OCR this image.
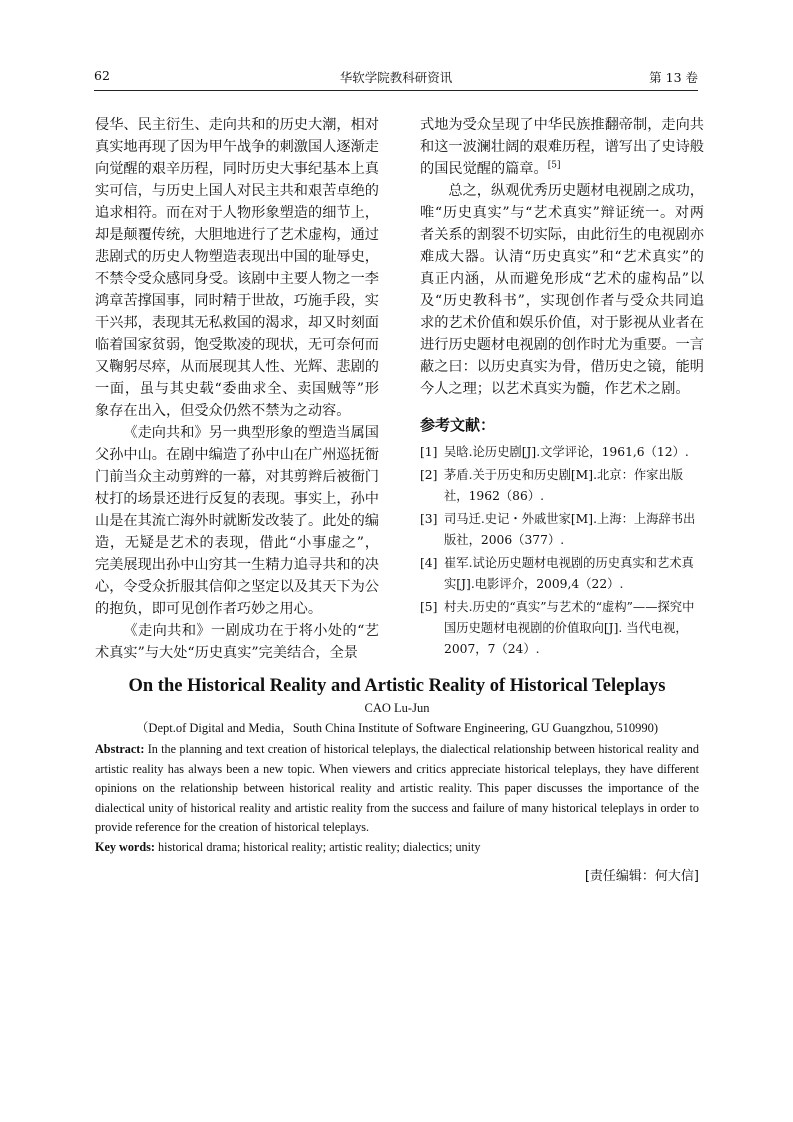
62	华软学院教科研资讯	第 13 卷

侵华、民主衍生、走向共和的历史大潮，相对真实地再现了因为甲午战争的刺激国人逐渐走向觉醒的艰辛历程，同时历史大事纪基本上真实可信，与历史上国人对民主共和艰苦卓绝的追求相符。而在对于人物形象塑造的细节上，却是颠覆传统，大胆地进行了艺术虚构，通过悲剧式的历史人物塑造表现出中国的耻辱史，不禁令受众感同身受。该剧中主要人物之一李鸿章苦撑国事，同时精于世故，巧施手段，实干兴邦，表现其无私救国的渴求，却又时刻面临着国家贫弱，饱受欺凌的现状，无可奈何而又鞠躬尽瘁，从而展现其人性、光辉、悲剧的一面，虽与其史载“委曲求全、卖国贼等”形象存在出入，但受众仍然不禁为之动容。

《走向共和》另一典型形象的塑造当属国父孙中山。在剧中编造了孙中山在广州巡抚衙门前当众主动剪辫的一幕，对其剪辫后被衙门杖打的场景还进行反复的表现。事实上，孙中山是在其流亡海外时就断发改装了。此处的编造，无疑是艺术的表现，借此“小事虚之”，完美展现出孙中山穷其一生精力追寻共和的决心，令受众折服其信仰之坚定以及其天下为公的抱负，即可见创作者巧妙之用心。

《走向共和》一剧成功在于将小处的“艺术真实”与大处“历史真实”完美结合，全景

式地为受众呈现了中华民族推翻帝制，走向共和这一波澜壮阔的艰难历程，谱写出了史诗般的国民觉醒的篇章。[5]

总之，纵观优秀历史题材电视剧之成功，唯“历史真实”与“艺术真实”辩证统一。对两者关系的割裂不切实际，由此衍生的电视剧亦难成大器。认清“历史真实”和“艺术真实”的真正内涵，从而避免形成“艺术的虚构品”以及“历史教科书”，实现创作者与受众共同追求的艺术价值和娱乐价值，对于影视从业者在进行历史题材电视剧的创作时尤为重要。一言蔽之曰：以历史真实为骨，借历史之镜，能明今人之理；以艺术真实为髓，作艺术之剧。

参考文献：
[1] 吴晗.论历史剧[J].文学评论，1961,6（12）.
[2] 茅盾.关于历史和历史剧[M].北京：作家出版社，1962（86）.
[3] 司马迁.史记・外戚世家[M].上海：上海辞书出版社，2006（377）.
[4] 崔军.试论历史题材电视剧的历史真实和艺术真实[J].电影评介，2009,4（22）.
[5] 村夫.历史的“真实”与艺术的“虚构”——探究中国历史题材电视剧的价值取向[J]. 当代电视，2007，7（24）.
On the Historical Reality and Artistic Reality of Historical Teleplays
CAO Lu-Jun
（Dept.of Digital and Media，South China Institute of Software Engineering, GU Guangzhou, 510990)

Abstract: In the planning and text creation of historical teleplays, the dialectical relationship between historical reality and artistic reality has always been a new topic. When viewers and critics appreciate historical teleplays, they have different opinions on the relationship between historical reality and artistic reality. This paper discusses the importance of the dialectical unity of historical reality and artistic reality from the success and failure of many historical teleplays in order to provide reference for the creation of historical teleplays.

Key words: historical drama; historical reality; artistic reality; dialectics; unity

[责任编辑：何大信]
